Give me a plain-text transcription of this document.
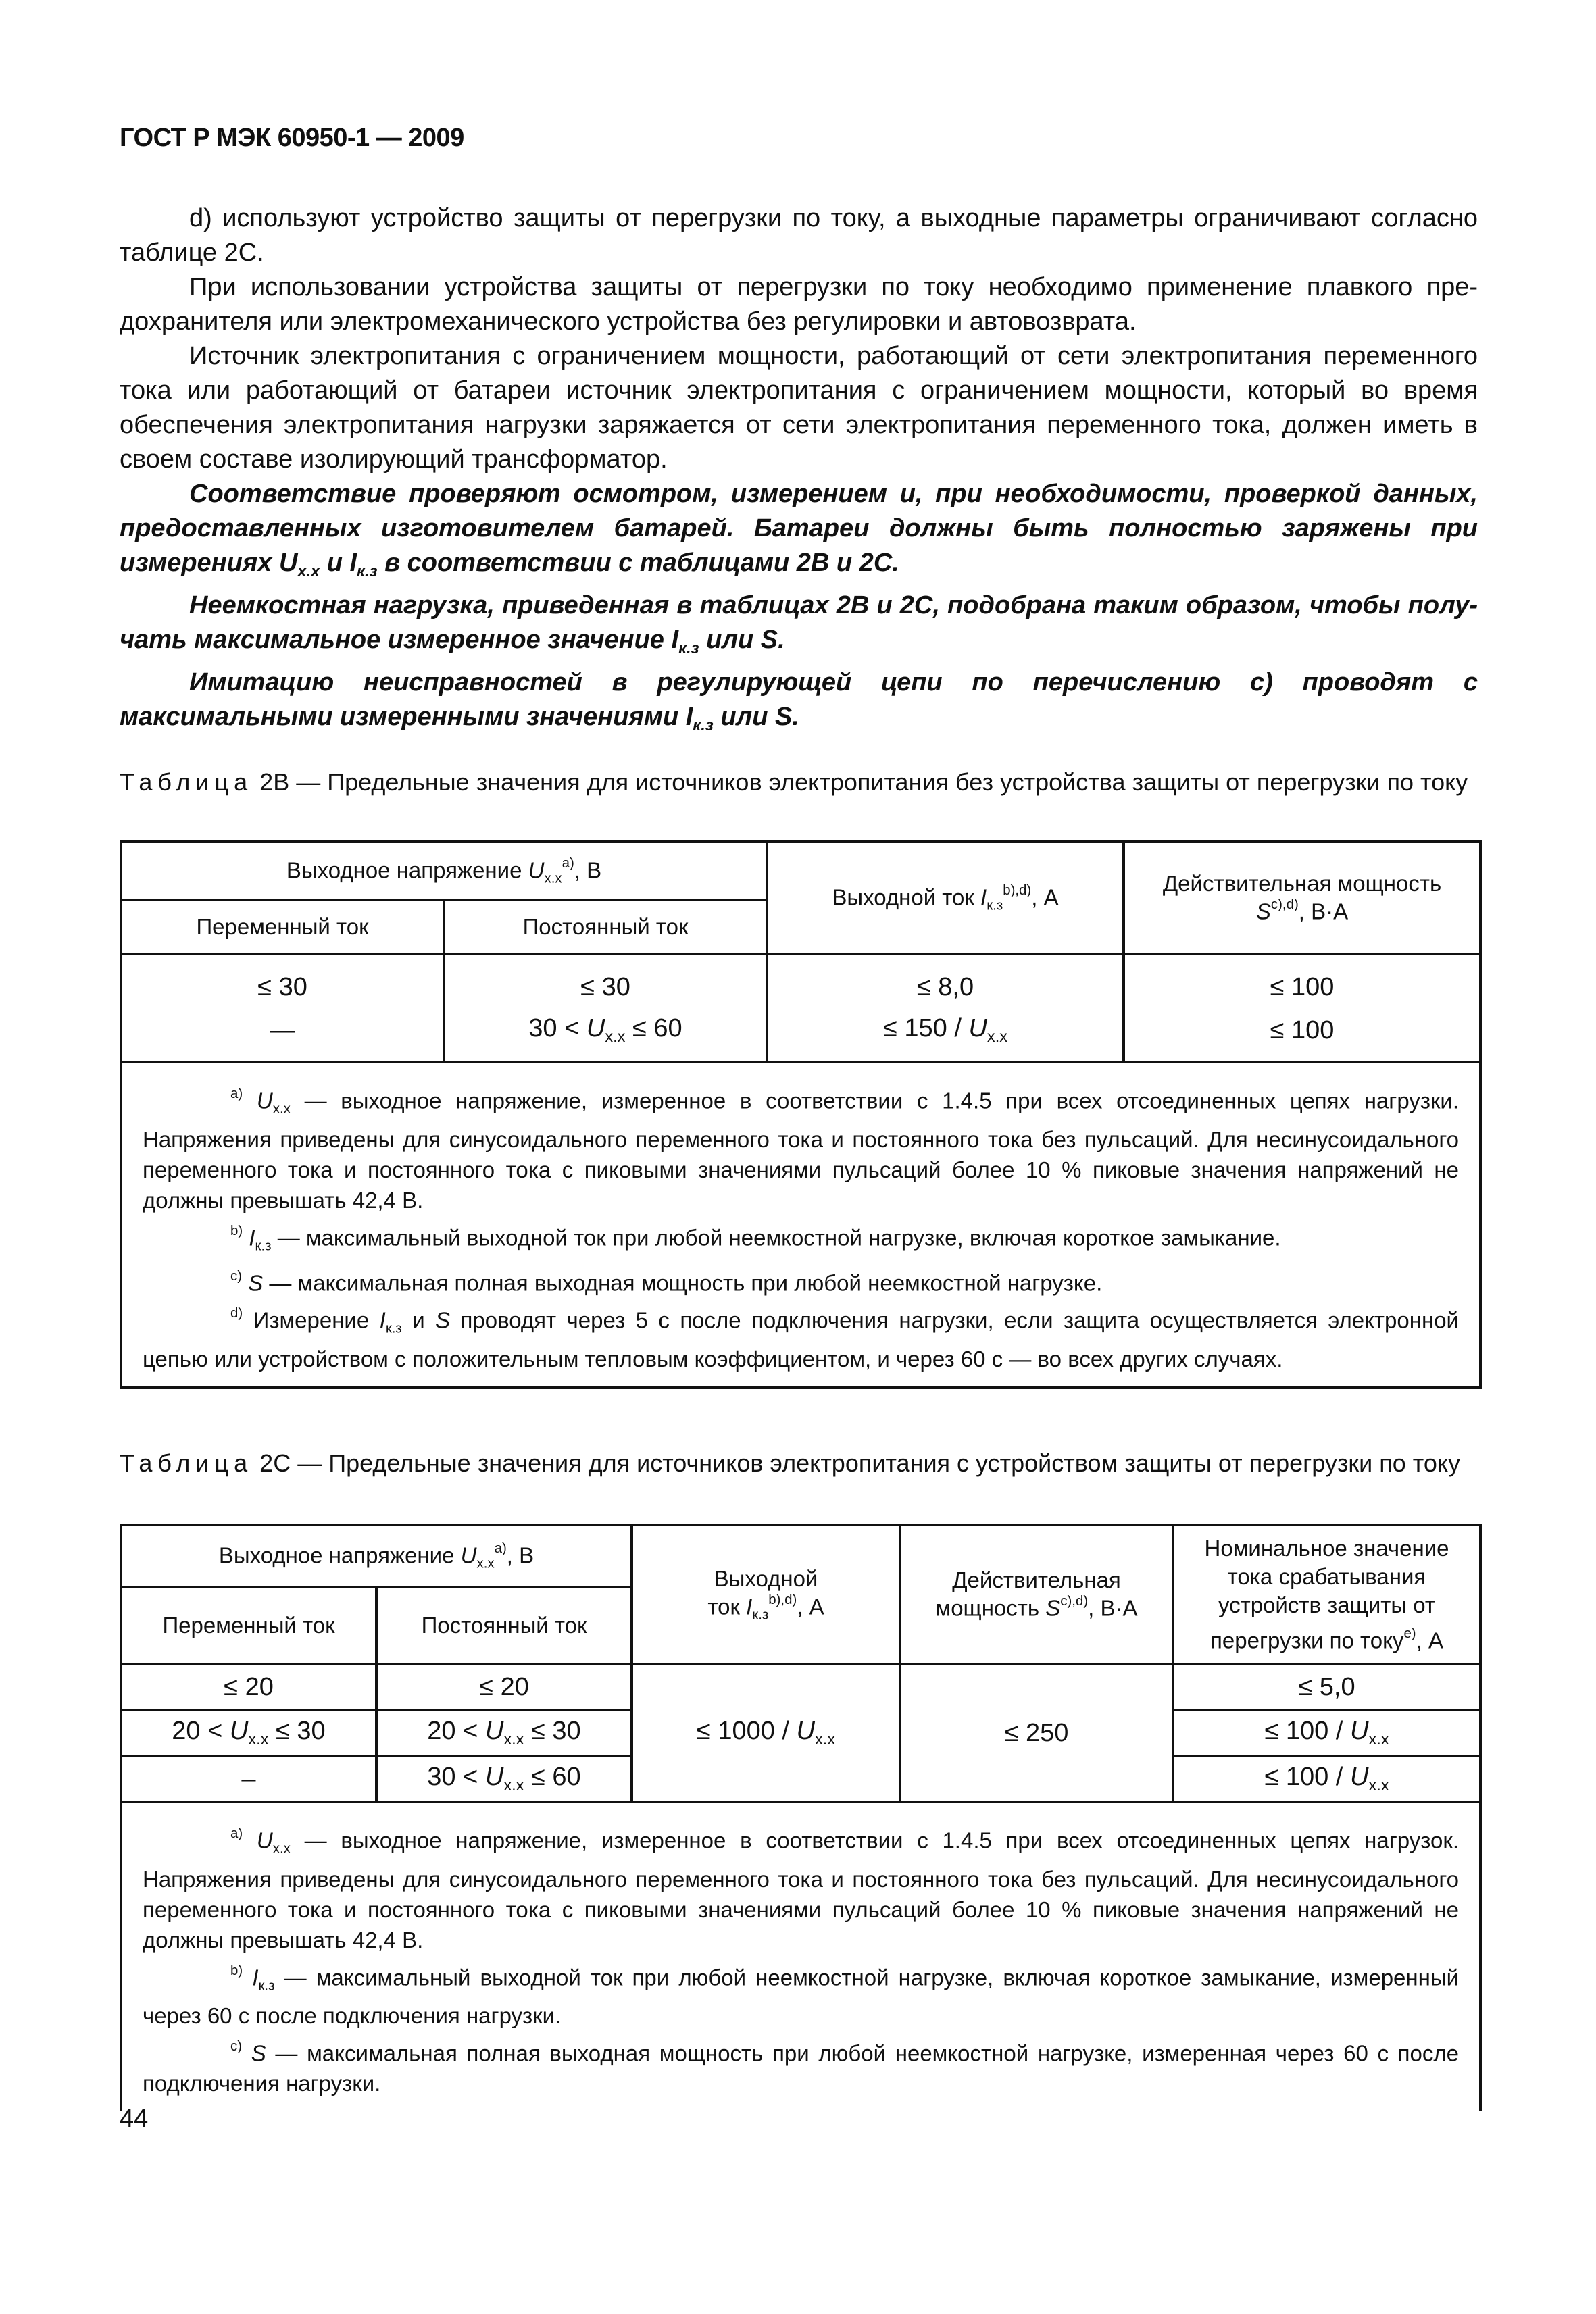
ГОСТ Р МЭК 60950-1 — 2009

d) используют устройство защиты от перегрузки по току, а выходные параметры ограничивают согласно таблице 2С.

При использовании устройства защиты от перегрузки по току необходимо применение плавкого предохранителя или электромеханического устройства без регулировки и автовозврата.

Источник электропитания с ограничением мощности, работающий от сети электропитания переменного тока или работающий от батареи источник электропитания с ограничением мощности, который во время обеспечения электропитания нагрузки заряжается от сети электропитания переменного тока, должен иметь в своем составе изолирующий трансформатор.

Соответствие проверяют осмотром, измерением и, при необходимости, проверкой данных, предоставленных изготовителем батарей. Батареи должны быть полностью заряжены при измерениях $U_{х.х}$ и $I_{к.з}$ в соответствии с таблицами 2В и 2С.

Неемкостная нагрузка, приведенная в таблицах 2В и 2С, подобрана таким образом, чтобы получать максимальное измеренное значение $I_{к.з}$ или S.

Имитацию неисправностей в регулирующей цепи по перечислению с) проводят с максимальными измеренными значениями $I_{к.з}$ или S.

Таблица 2В — Предельные значения для источников электропитания без устройства защиты от перегрузки по току
Выходное напряжение $U_{х.х}^{a)}$, В		Выходной ток $I_{к.з}^{b),d)}$, А	Действительная мощность
$S^{c),d)}$, В·А
Переменный ток	Постоянный ток		
≤ 30	≤ 30	≤ 8,0	≤ 100
—	$30 < U_{х.х} \le 60$	≤ $150 / U_{х.х}$	≤ 100

$^{a)}$ $U_{х.х}$ — выходное напряжение, измеренное в соответствии с 1.4.5 при всех отсоединенных цепях нагрузки. Напряжения приведены для синусоидального переменного тока и постоянного тока без пульсаций. Для несинусоидального переменного тока и постоянного тока с пиковыми значениями пульсаций более 10 % пиковые значения напряжений не должны превышать 42,4 В.

$^{b)}$ $I_{к.з}$ — максимальный выходной ток при любой неемкостной нагрузке, включая короткое замыкание.

$^{c)}$ S — максимальная полная выходная мощность при любой неемкостной нагрузке.

$^{d)}$ Измерение $I_{к.з}$ и S проводят через 5 с после подключения нагрузки, если защита осуществляется электронной цепью или устройством с положительным тепловым коэффициентом, и через 60 с — во всех других случаях.			

Таблица 2С — Предельные значения для источников электропитания с устройством защиты от перегрузки по току
Выходное напряжение $U_{х.х}^{a)}$, В		Выходной
ток $I_{к.з}^{b),d)}$, А	Действительная
мощность $S^{c),d)}$, В·А	Номинальное значение тока срабатывания устройств защиты от перегрузки по току$^{e)}$, А
Переменный ток	Постоянный ток			
≤ 20	≤ 20	≤ $1000 / U_{х.х}$	≤ 250	≤ 5,0
$20 < U_{х.х} \le 30$	$20 < U_{х.х} \le 30$			≤ $100 / U_{х.х}$
–	$30 < U_{х.х} \le 60$			≤ $100 / U_{х.х}$

$^{a)}$ $U_{х.х}$ — выходное напряжение, измеренное в соответствии с 1.4.5 при всех отсоединенных цепях нагрузок. Напряжения приведены для синусоидального переменного тока и постоянного тока без пульсаций. Для несинусоидального переменного тока и постоянного тока с пиковыми значениями пульсаций более 10 % пиковые значения напряжений не должны превышать 42,4 В.

$^{b)}$ $I_{к.з}$ — максимальный выходной ток при любой неемкостной нагрузке, включая короткое замыкание, измеренный через 60 с после подключения нагрузки.

$^{c)}$ S — максимальная полная выходная мощность при любой неемкостной нагрузке, измеренная через 60 с после подключения нагрузки.				

44
